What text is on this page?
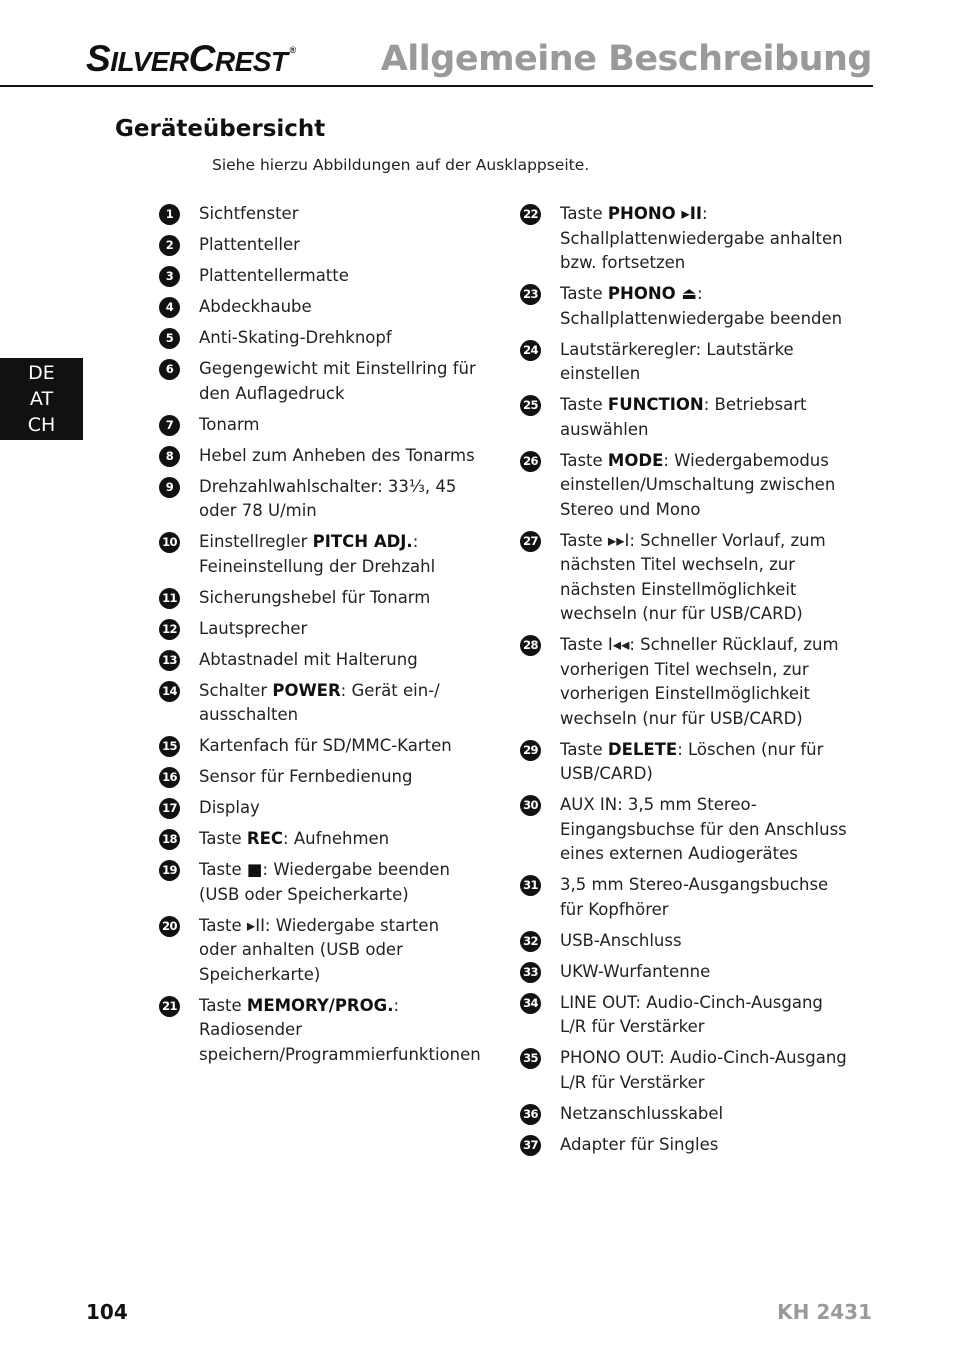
SILVERCREST ® Allgemeine Beschreibung
Geräteübersicht
Siehe hierzu Abbildungen auf der Ausklappseite.
DE
AT
CH
1	Sichtfenster
2	Plattenteller
3	Plattentellermatte
4	Abdeckhaube
5	Anti-Skating-Drehknopf
6	Gegengewicht mit Einstellring für den Auflagedruck
7	Tonarm
8	Hebel zum Anheben des Tonarms
9	Drehzahlwahlschalter: 33⅓, 45 oder 78 U/min
10 Einstellregler PITCH ADJ.: Feineinstellung der Drehzahl
11 Sicherungshebel für Tonarm
12 Lautsprecher
13 Abtastnadel mit Halterung
14 Schalter POWER: Gerät ein-/ ausschalten
15 Kartenfach für SD/MMC-Karten
16 Sensor für Fernbedienung
17 Display
18 Taste REC: Aufnehmen
19 Taste ■: Wiedergabe beenden (USB oder Speicherkarte)
20 Taste ▸II: Wiedergabe starten oder anhalten (USB oder Speicherkarte)
21 Taste MEMORY/PROG.: Radiosender speichern/Programmierfunktionen
22 Taste PHONO ▸II: Schallplattenwiedergabe anhalten bzw. fortsetzen
23 Taste PHONO ⏏: Schallplattenwiedergabe beenden
24 Lautstärkeregler: Lautstärke einstellen
25 Taste FUNCTION: Betriebsart auswählen
26 Taste MODE: Wiedergabemodus einstellen/Umschaltung zwischen Stereo und Mono
27 Taste ▸▸I: Schneller Vorlauf, zum nächsten Titel wechseln, zur nächsten Einstellmöglichkeit wechseln (nur für USB/CARD)
28 Taste I◂◂: Schneller Rücklauf, zum vorherigen Titel wechseln, zur vorherigen Einstellmöglichkeit wechseln (nur für USB/CARD)
29 Taste DELETE: Löschen (nur für USB/CARD)
30 AUX IN: 3,5 mm Stereo-Eingangsbuchse für den Anschluss eines externen Audiogerätes
31 3,5 mm Stereo-Ausgangsbuchse für Kopfhörer
32 USB-Anschluss
33 UKW-Wurfantenne
34 LINE OUT: Audio-Cinch-Ausgang L/R für Verstärker
35 PHONO OUT: Audio-Cinch-Ausgang L/R für Verstärker
36 Netzanschlusskabel
37 Adapter für Singles
104	KH 2431
